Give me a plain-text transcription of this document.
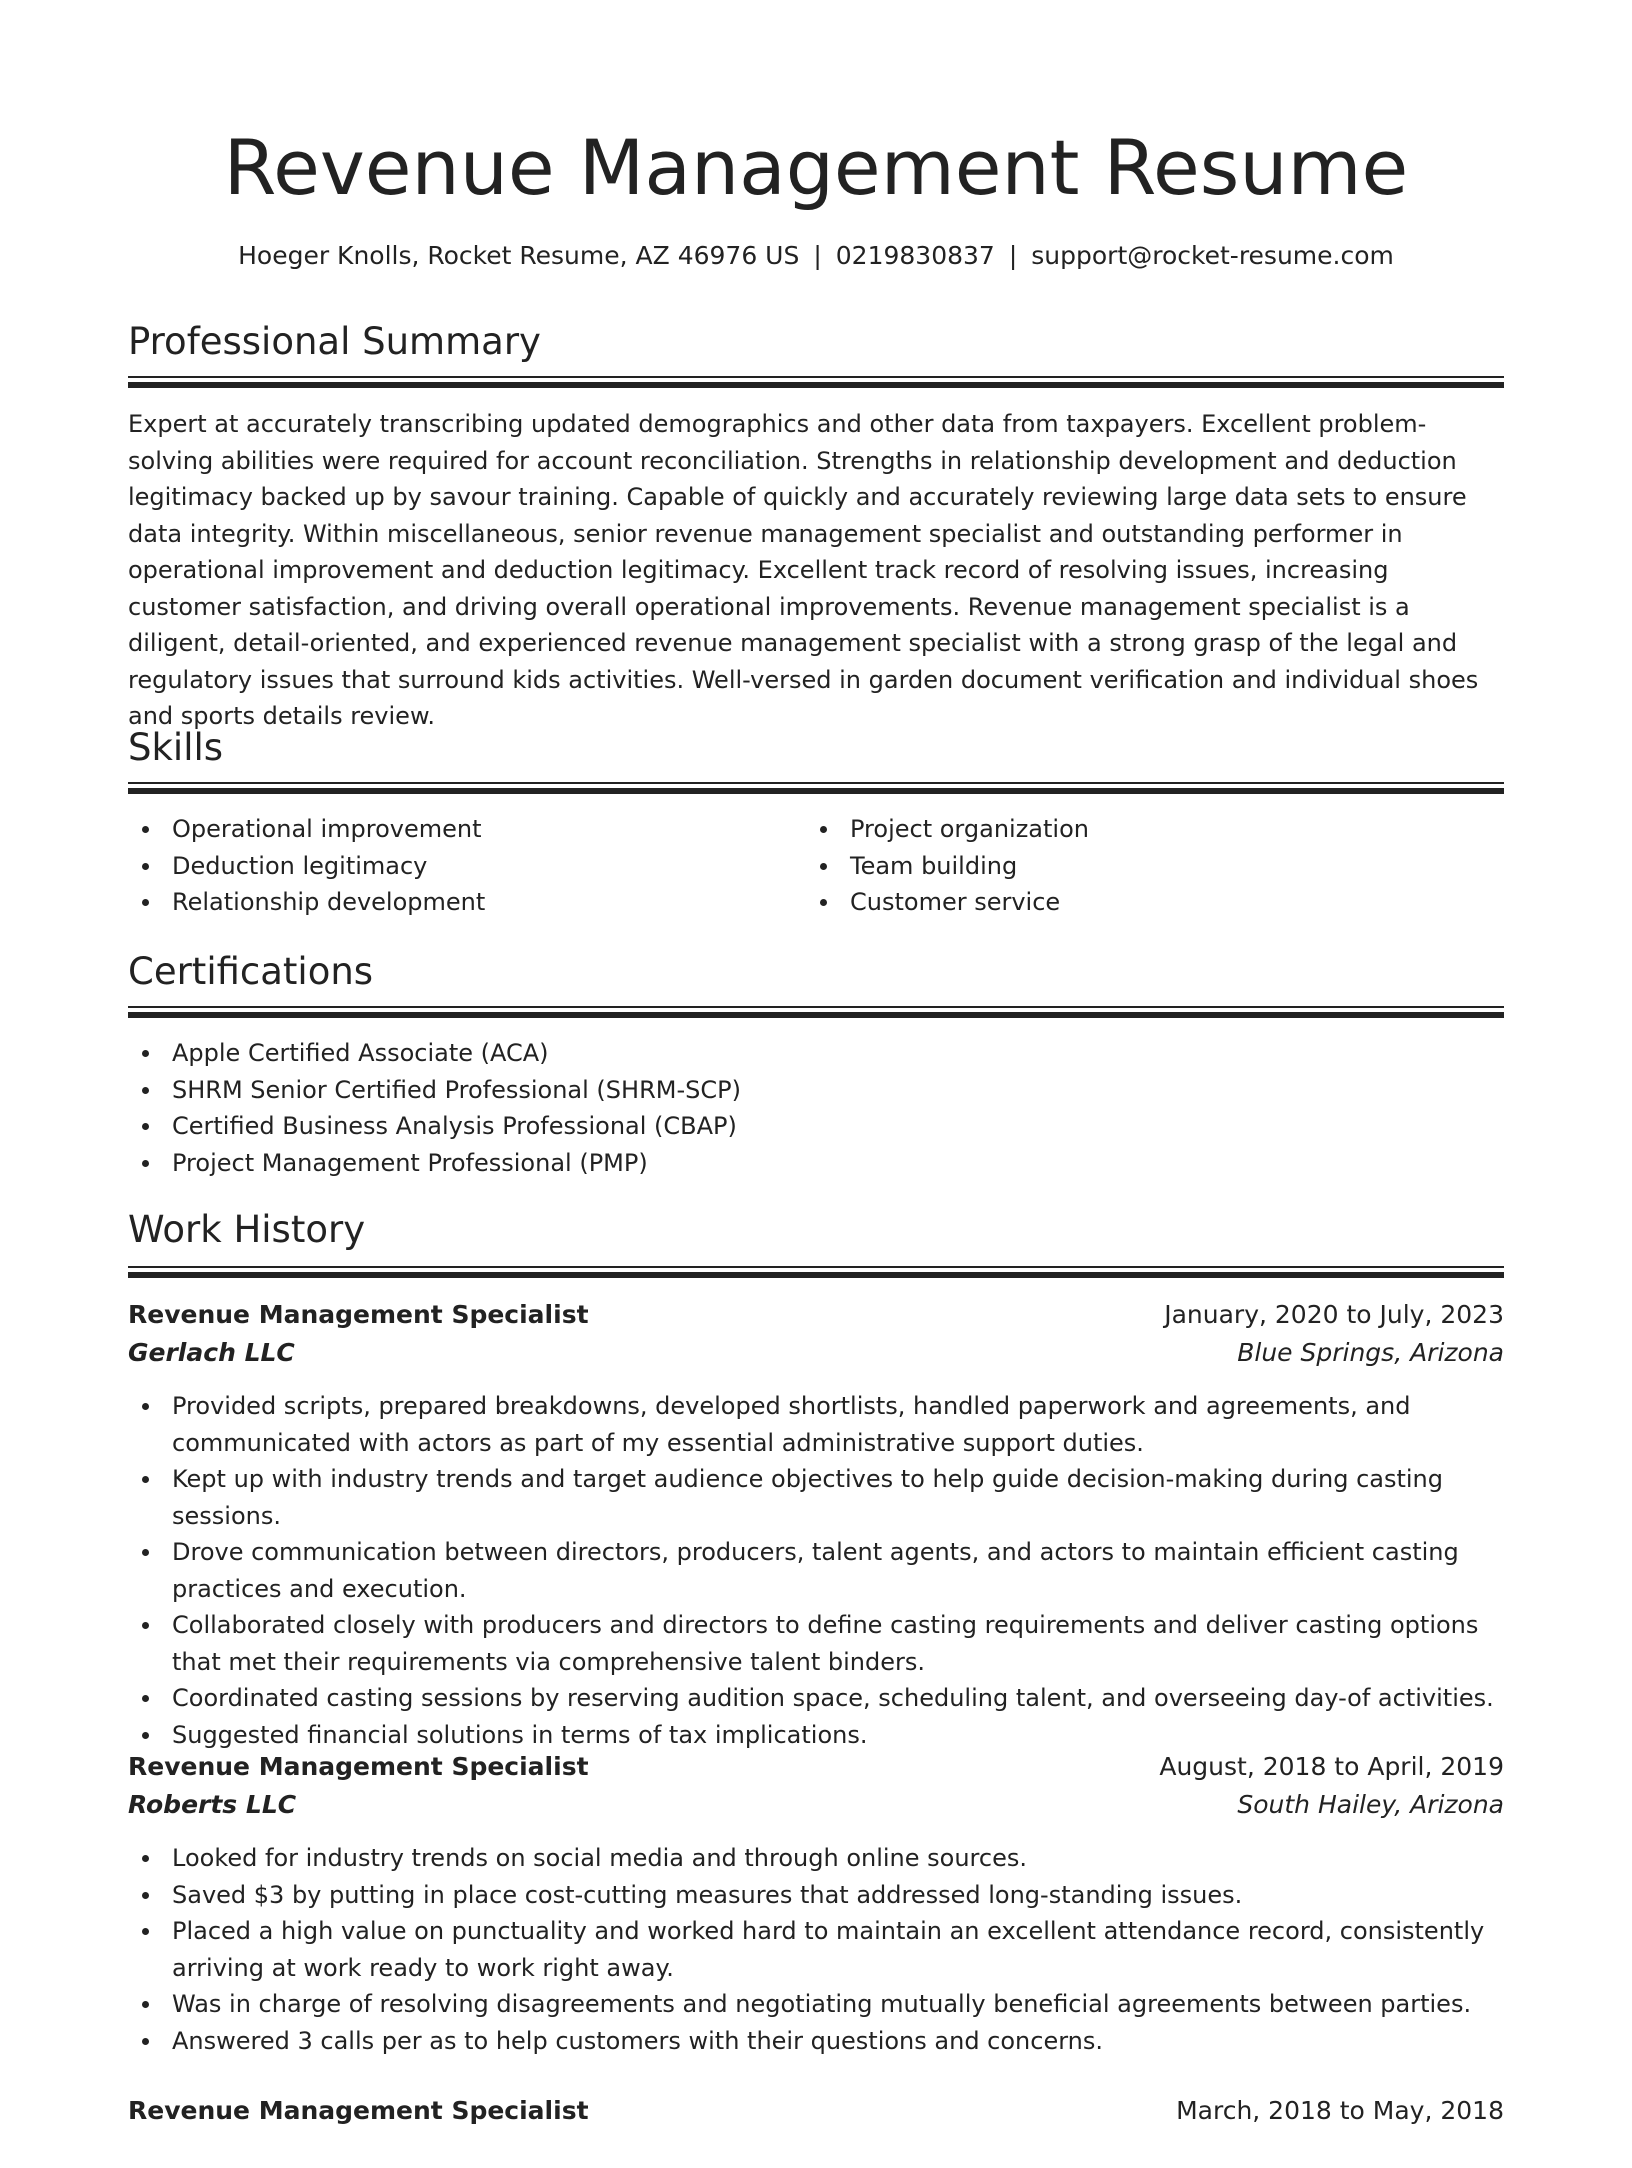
Revenue Management Resume
Hoeger Knolls, Rocket Resume, AZ 46976 US | 0219830837 | support@rocket-resume.com
Professional Summary

Expert at accurately transcribing updated demographics and other data from taxpayers. Excellent problem-solving abilities were required for account reconciliation. Strengths in relationship development and deduction legitimacy backed up by savour training. Capable of quickly and accurately reviewing large data sets to ensure data integrity. Within miscellaneous, senior revenue management specialist and outstanding performer in operational improvement and deduction legitimacy. Excellent track record of resolving issues, increasing customer satisfaction, and driving overall operational improvements. Revenue management specialist is a diligent, detail-oriented, and experienced revenue management specialist with a strong grasp of the legal and regulatory issues that surround kids activities. Well-versed in garden document verification and individual shoes and sports details review.

Skills
Operational improvement
Deduction legitimacy
Relationship development
Project organization
Team building
Customer service
Certifications
Apple Certified Associate (ACA)
SHRM Senior Certified Professional (SHRM-SCP)
Certified Business Analysis Professional (CBAP)
Project Management Professional (PMP)
Work History
Revenue Management Specialist	January, 2020 to July, 2023
Gerlach LLC	Blue Springs, Arizona
Provided scripts, prepared breakdowns, developed shortlists, handled paperwork and agreements, and communicated with actors as part of my essential administrative support duties.
Kept up with industry trends and target audience objectives to help guide decision-making during casting sessions.
Drove communication between directors, producers, talent agents, and actors to maintain efficient casting practices and execution.
Collaborated closely with producers and directors to define casting requirements and deliver casting options that met their requirements via comprehensive talent binders.
Coordinated casting sessions by reserving audition space, scheduling talent, and overseeing day-of activities.
Suggested financial solutions in terms of tax implications.
Revenue Management Specialist	August, 2018 to April, 2019
Roberts LLC	South Hailey, Arizona
Looked for industry trends on social media and through online sources.
Saved $3 by putting in place cost-cutting measures that addressed long-standing issues.
Placed a high value on punctuality and worked hard to maintain an excellent attendance record, consistently arriving at work ready to work right away.
Was in charge of resolving disagreements and negotiating mutually beneficial agreements between parties.
Answered 3 calls per as to help customers with their questions and concerns.
Revenue Management Specialist	March, 2018 to May, 2018
